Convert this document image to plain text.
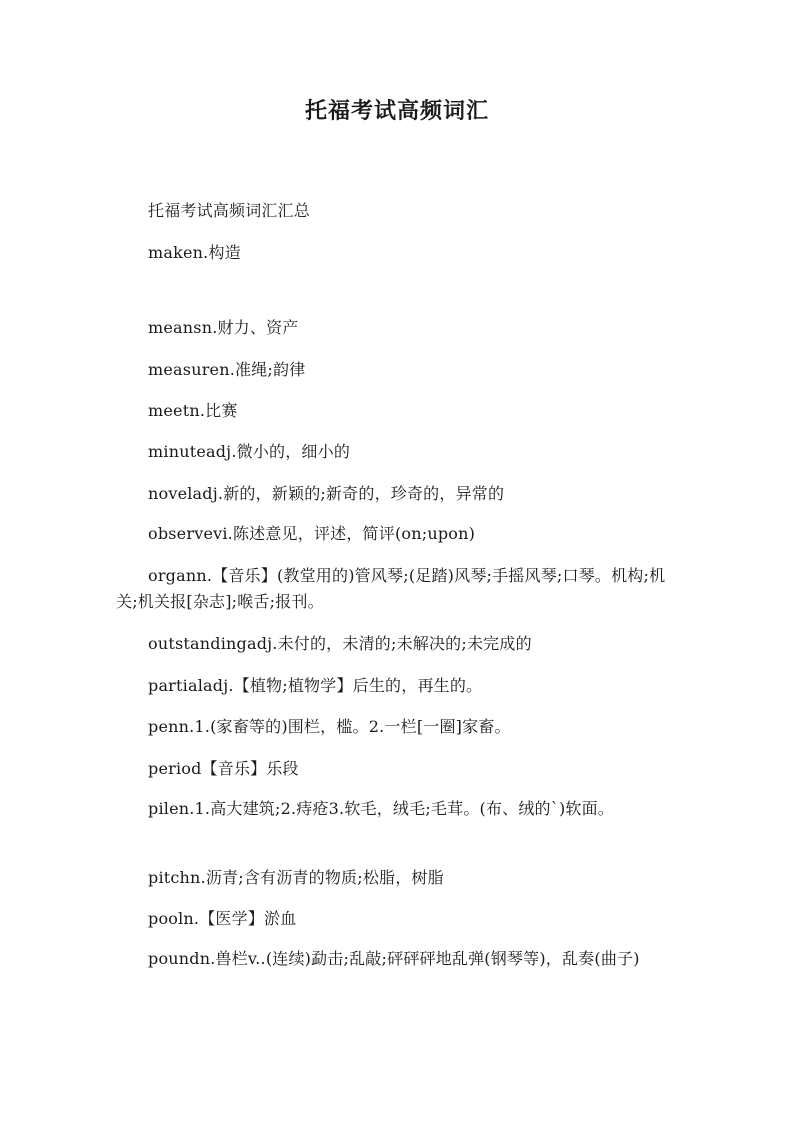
托福考试高频词汇

托福考试高频词汇汇总

maken.构造

meansn.财力、资产

measuren.准绳;韵律

meetn.比赛

minuteadj.微小的，细小的

noveladj.新的，新颖的;新奇的，珍奇的，异常的

observevi.陈述意见，评述，简评(on;upon)

organn.【音乐】(教堂用的)管风琴;(足踏)风琴;手摇风琴;口琴。机构;机关;机关报[杂志];喉舌;报刊。

outstandingadj.未付的，未清的;未解决的;未完成的

partialadj.【植物;植物学】后生的，再生的。

penn.1.(家畜等的)围栏，槛。2.一栏[一圈]家畜。

period【音乐】乐段

pilen.1.高大建筑;2.痔疮3.软毛，绒毛;毛茸。(布、绒的`)软面。

pitchn.沥青;含有沥青的物质;松脂，树脂

pooln.【医学】淤血

poundn.兽栏v..(连续)勐击;乱敲;砰砰砰地乱弹(钢琴等)，乱奏(曲子)
